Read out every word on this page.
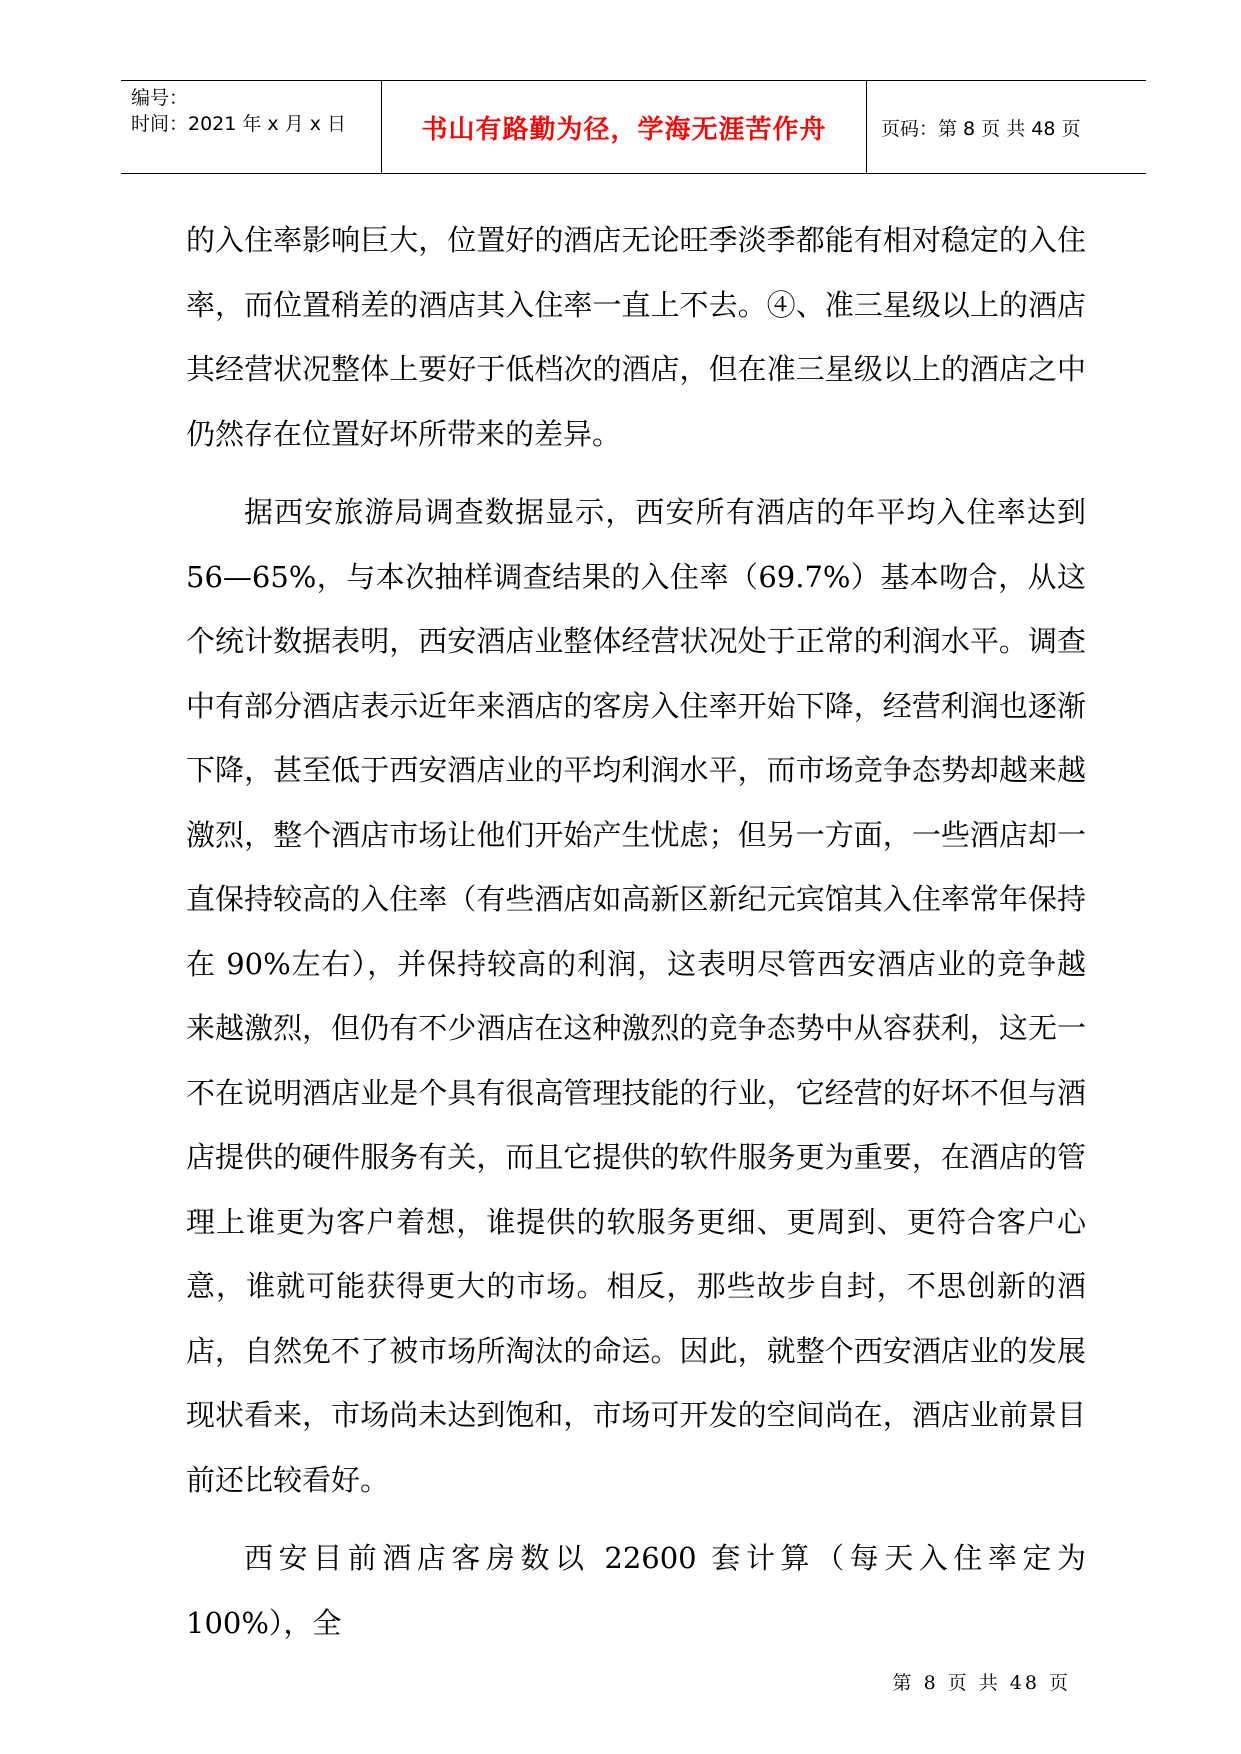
编号：
时间：2021 年 x 月 x 日	书山有路勤为径，学海无涯苦作舟	页码：第 8 页 共 48 页

的入住率影响巨大，位置好的酒店无论旺季淡季都能有相对稳定的入住率，而位置稍差的酒店其入住率一直上不去。④、准三星级以上的酒店其经营状况整体上要好于低档次的酒店，但在准三星级以上的酒店之中仍然存在位置好坏所带来的差异。

据西安旅游局调查数据显示，西安所有酒店的年平均入住率达到 56—65%，与本次抽样调查结果的入住率（69.7%）基本吻合，从这个统计数据表明，西安酒店业整体经营状况处于正常的利润水平。调查中有部分酒店表示近年来酒店的客房入住率开始下降，经营利润也逐渐下降，甚至低于西安酒店业的平均利润水平，而市场竞争态势却越来越激烈，整个酒店市场让他们开始产生忧虑；但另一方面，一些酒店却一直保持较高的入住率（有些酒店如高新区新纪元宾馆其入住率常年保持在 90%左右），并保持较高的利润，这表明尽管西安酒店业的竞争越来越激烈，但仍有不少酒店在这种激烈的竞争态势中从容获利，这无一不在说明酒店业是个具有很高管理技能的行业，它经营的好坏不但与酒店提供的硬件服务有关，而且它提供的软件服务更为重要，在酒店的管理上谁更为客户着想，谁提供的软服务更细、更周到、更符合客户心意，谁就可能获得更大的市场。相反，那些故步自封，不思创新的酒店，自然免不了被市场所淘汰的命运。因此，就整个西安酒店业的发展现状看来，市场尚未达到饱和，市场可开发的空间尚在，酒店业前景目前还比较看好。

西安目前酒店客房数以 22600 套计算（每天入住率定为 100%），全

第 8 页 共 48 页
